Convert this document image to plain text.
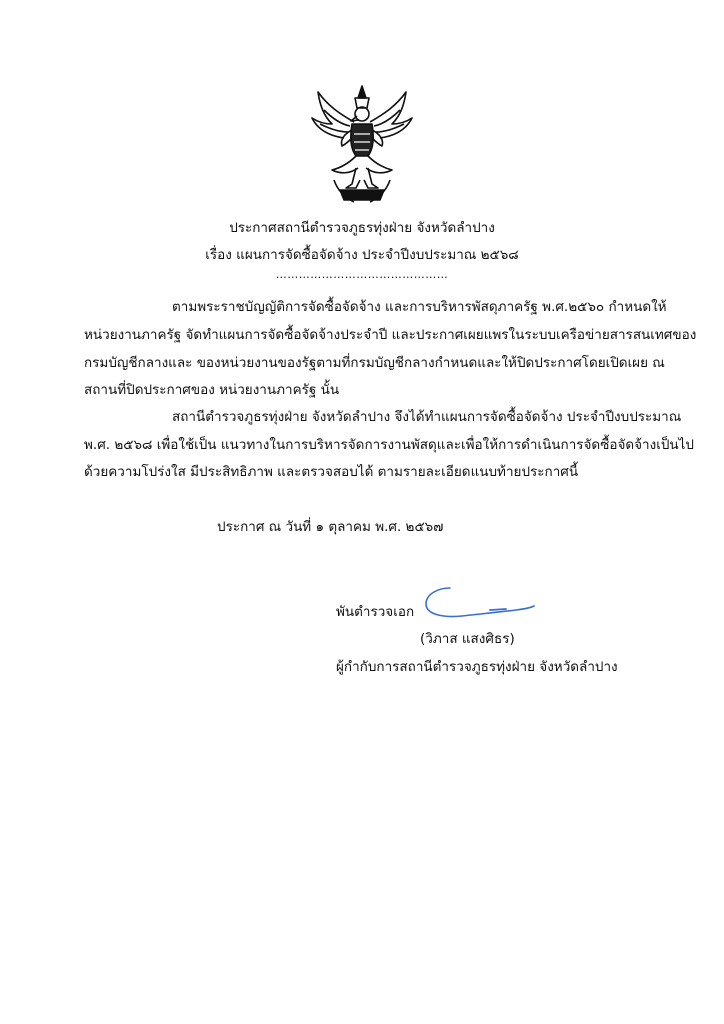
ประกาศสถานีตำรวจภูธรทุ่งฝ่าย จังหวัดลำปาง
เรื่อง แผนการจัดซื้อจัดจ้าง ประจำปีงบประมาณ ๒๕๖๘
………………………………………
ตามพระราชบัญญัติการจัดซื้อจัดจ้าง และการบริหารพัสดุภาครัฐ พ.ศ.๒๕๖๐ กำหนดให้
หน่วยงานภาครัฐ จัดทำแผนการจัดซื้อจัดจ้างประจำปี และประกาศเผยแพรในระบบเครือข่ายสารสนเทศของ
กรมบัญชีกลางและ ของหน่วยงานของรัฐตามที่กรมบัญชีกลางกำหนดและให้ปิดประกาศโดยเปิดเผย ณ
สถานที่ปิดประกาศของ หน่วยงานภาครัฐ นั้น
สถานีตำรวจภูธรทุ่งฝ่าย จังหวัดลำปาง จึงได้ทำแผนการจัดซื้อจัดจ้าง ประจำปีงบประมาณ
พ.ศ. ๒๕๖๘ เพื่อใช้เป็น แนวทางในการบริหารจัดการงานพัสดุและเพื่อให้การดำเนินการจัดซื้อจัดจ้างเป็นไป
ด้วยความโปร่งใส มีประสิทธิภาพ และตรวจสอบได้ ตามรายละเอียดแนบท้ายประกาศนี้
ประกาศ ณ วันที่ ๑ ตุลาคม พ.ศ. ๒๕๖๗
พันตำรวจเอก
(วิภาส แสงศิธร)
ผู้กำกับการสถานีตำรวจภูธรทุ่งฝ่าย จังหวัดลำปาง
